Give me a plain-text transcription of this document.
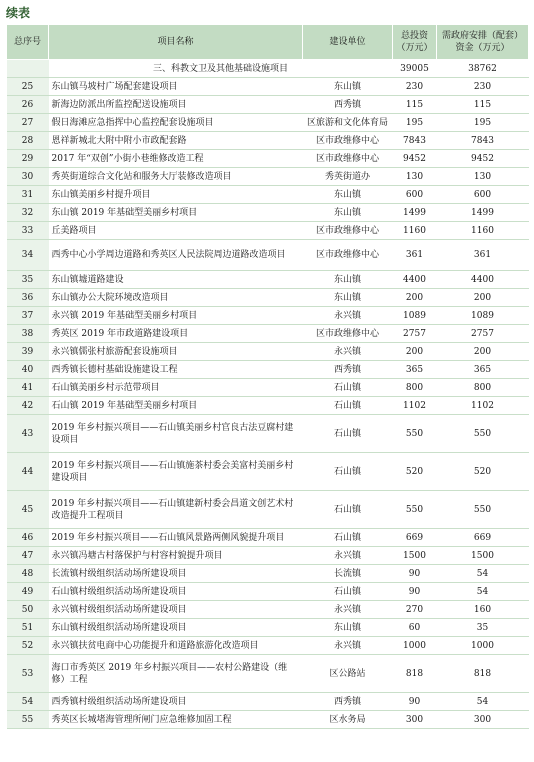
续表
总序号	项目名称	建设单位	总投资（万元）	需政府安排（配套）资金（万元）
	三、科教文卫及其他基础设施项目		39005	38762
25	东山镇马坡村广场配套建设项目	东山镇	230	230
26	新海边防派出所监控配送设施项目	西秀镇	115	115
27	假日海滩应急指挥中心监控配套设施项目	区旅游和文化体育局	195	195
28	恩祥新城北大附中附小市政配套路	区市政维修中心	7843	7843
29	2017 年“双创”小街小巷维修改造工程	区市政维修中心	9452	9452
30	秀英街道综合文化站和服务大厅装修改造项目	秀英街道办	130	130
31	东山镇美丽乡村提升项目	东山镇	600	600
32	东山镇 2019 年基础型美丽乡村项目	东山镇	1499	1499
33	丘美路项目	区市政维修中心	1160	1160
34	西秀中心小学周边道路和秀英区人民法院周边道路改造项目	区市政维修中心	361	361
35	东山镇墟道路建设	东山镇	4400	4400
36	东山镇办公大院环境改造项目	东山镇	200	200
37	永兴镇 2019 年基础型美丽乡村项目	永兴镇	1089	1089
38	秀英区 2019 年市政道路建设项目	区市政维修中心	2757	2757
39	永兴镇儒张村旅游配套设施项目	永兴镇	200	200
40	西秀镇长德村基础设施建设工程	西秀镇	365	365
41	石山镇美丽乡村示范带项目	石山镇	800	800
42	石山镇 2019 年基础型美丽乡村项目	石山镇	1102	1102
43	2019 年乡村振兴项目——石山镇美丽乡村官良古法豆腐村建设项目	石山镇	550	550
44	2019 年乡村振兴项目——石山镇施茶村委会美富村美丽乡村建设项目	石山镇	520	520
45	2019 年乡村振兴项目——石山镇建新村委会昌道文创艺术村改造提升工程项目	石山镇	550	550
46	2019 年乡村振兴项目——石山镇风景路两侧风貌提升项目	石山镇	669	669
47	永兴镇冯塘古村落保护与村容村貌提升项目	永兴镇	1500	1500
48	长流镇村级组织活动场所建设项目	长流镇	90	54
49	石山镇村级组织活动场所建设项目	石山镇	90	54
50	永兴镇村级组织活动场所建设项目	永兴镇	270	160
51	东山镇村级组织活动场所建设项目	东山镇	60	35
52	永兴镇扶贫电商中心功能提升和道路旅游化改造项目	永兴镇	1000	1000
53	海口市秀英区 2019 年乡村振兴项目——农村公路建设（维修）工程	区公路站	818	818
54	西秀镇村级组织活动场所建设项目	西秀镇	90	54
55	秀英区长城堵海管理所闸门应急维修加固工程	区水务局	300	300
